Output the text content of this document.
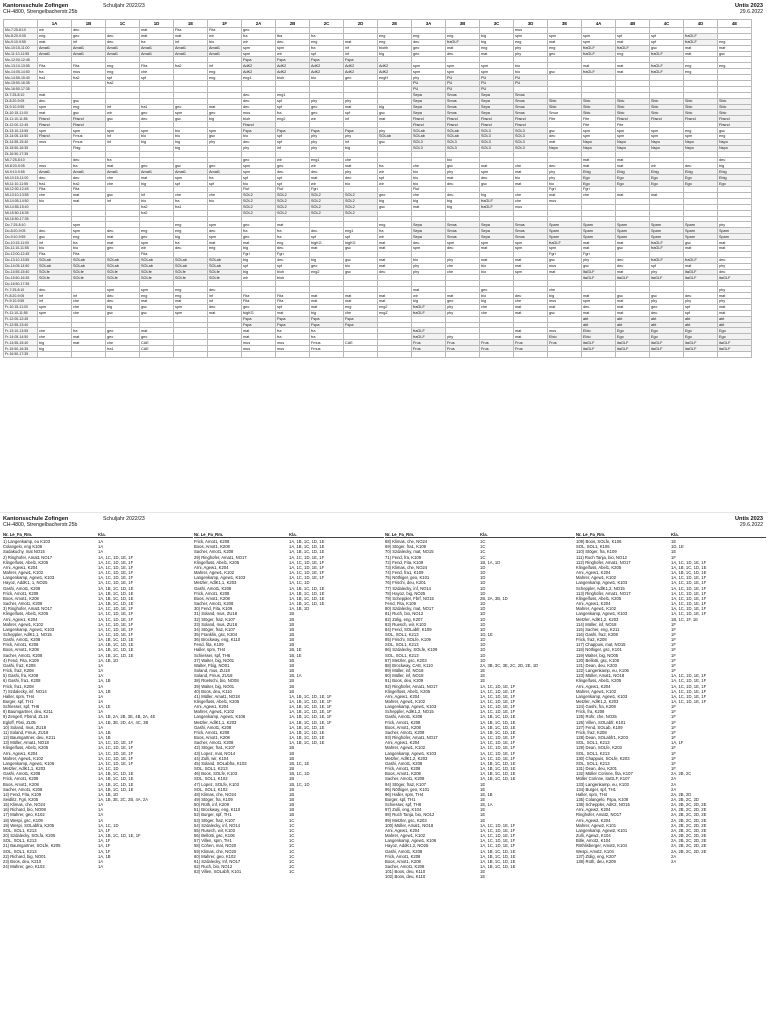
Kantonsschule Zofingen
CH-4800, Strengelbacherstr.25b
Schuljahr 2022/23	Untis 2023
29.6.2022
	1A	1B	1C	1D	1E	1F	2A	2B	2C	2D	2E	3A	3B	3C	3D	3E	4A	4B	4C	4D	4E
Mo-7:25-8:10	wir	deu		mat	Fita	Fita	geo								mus						
Mo-8:20-9:05	eng	geo	deu	mat	mat	wir	fra	tba	fra		eng	eng	eng	big	spm	spm	spm	spf	spf	fraGLF	
Mo-9:10-9:55	mat	inf	deu	fra	inf	bio	wir	deu	eng	mat	eng	deu	fraGLF	big	eng	mat	spm	mat	spf	fraGLF	eng
Mo-10:15-11:00	Amat1	Amat1	Amat1	Amat1	Amat1	Amat1	spm	spm	fra	inf	biohh	geo	mat	eng	phy	eng	fraGLF	fraGLF	gsc	mat	mat
Mo-11:10-11:55	Amat1	Amat1	Amat1	Amat1	Amat1	Amat1	spm	wir	spf	inf	big	geo	deu	mat	phy	geo	fraGLF	eng	fraGLF	mat	gsc
Mo-12:00-12:45							Fspa	Fspa	Fspa	Fspa											
Mo-13:10-13:55	Fita	Fita	eng	Fita	fra2	inf	AdK2	AdK2	AdK2	AdK2	AdK2	spm	spm	spm	bio		mat	mat	fraGLF	eng	eng
Mo-14:05-14:50	fra	mus	eng	che		eng	AdK2	AdK2	AdK2	AdK2	AdK2	spm	spm	spm	bio	gsc	fraGLF	mat	fraGLF	eng	
Mo-14:55-15:40	fra1	fra2	spf	spf		eng	eng1	bioh	bio	geo	engH	phy	PU	PU	PU						
Mo-15:50-16:35			fra2									PU	PU	PU	PU						
Mo-16:50-17:35												PU	PU	PU							
Di-7:25-8:10	mat						deu	eng1				Sepa	Smus	Sepa	Smus						
Di-8:20-9:05	deu	gsc					deu	spf	phy	phy		Sepa	Smus	Sepa	Smus	Sbic	Sbic	Sbic	Sbic	Sbic	Sbic
Di-9:10-9:55	spm	eng	inf	fra1	geo	mat	deu	spf	geo	mat	big	Sepa	Smus	Sepa	Smus	Sbic	Sbic	Sbic	Sbic	Sbic	Sbic
Di-10:15-11:00	mat	gsc	wir	geo	spm	geo	mus	fra	geo	spf	gsc	Sepa	Smus	Sepa	Smus	Smur	Sbic	Sbic	Sbic	Sbic	Sbic
Di-11:10-11:55	Fbsnd	Fbsnd	gsc	deu	gsc	big	bioh	eng2	wir	inf	mat	Fbsnd	Fbsnd	Fbsnd	Fbsnd	Fite	Fite	Fbsnd	Fbsnd	Fbsnd	Fbsnd
Di-12:00-12:45	Fbsnd	Fbsnd					Fbsnd					Fbsnd	Fbsnd	Fbsnd	Fbsnd		Fite	Fite			Fbsnd
Di-13:10-13:55	spm	spm	spm	spm	bio	spm	Fspa	Fspa	Fspa	Fspa	phy	SOLab	SOLab	SOL3	SOL3	gsc	spm	spm	spm	eng	gsc
Di-14:05-14:50	Fbsnd	Fmus	inf	bio	bio	gsc	bio	spf	phy	phy	SOLab	SOLab	SOLab	SOL3	SOL3	deu	spm	spm	spm	spm	eng
Di-14:55-15:40	mus	Fmus	inf	big	big	phy	deu	spf	phy	inf	gsc	SOL3	SOL3	SOL3	SOL3	mat	Nspo	Nspo	Nspo	Nspo	Nspo
Di-15:50-16:35		Fbig			big		phy	inf	phy	big		SOL3	SOL3	SOL3	SOL3	Nspo	Nspo	Nspo	Nspo	Nspo	Nspo
Di-16:50-17:35																					
Mi-7:25-8:10		deu	fra				geo	wir	eng1	che			bio				mat	mat			deu
Mi-8:20-9:05	mus	fra	mat	geo	gsc	geo	spm	geo	wir	mat	fra	che	gsc	mat	che	deu	mat	mat	wir	deu	big
Mi-9:10-9:55	Amat1	Amat1	Amat1	Amat1	Amat1	Amat1	spm	deu	deu	phy	wir	bio	phy	spm	mat	phy	Ebig	Ebig	Ebig	Ebig	Ebig
Mi-10:15-11:00	deu	deu	che	mat	spm	fra	spf	spf	mat	deu	spf	bio	mat	deu	bio	phy	Ego	Ego	Ego	Ego	Ebig
Mi-11:10-11:55	fra1	fra2	che	big	spf	spf	bio	spf	wir	bio	wir	bio	deu	gsc	mat	bio	Ego	Ego	Ego	Ego	Ego
Mi-12:00-12:45	Fita	Fita					Fiuf	Fiuf	Fgri			Fiuf				Fgri	Fgri				
Mi-13:10-13:55	che	mat	gsc	inf	che	che	SOL2	SOL2	SOL2	SOL2	geo	che	deu	big	che	mat	che	mat	mat		
Mi-14:05-14:50	bio	mat	inf	bio	fra	bio	SOL2	SOL2	SOL2	SOL2	big	big	big	fraGLF	che	mus					
Mi-14:55-15:40				fra2	fra1		SOL2	SOL2	SOL2	SOL2	gsc	mat	big	fraGLF	mus						
Mi-15:50-16:35				fra2			SOL2	SOL2	SOL2	SOL2											
Mi-16:50-17:35																					
Do-7:25-8:10		spm			eng	spm	geo	mat			eng	Sepa	Smus	Sepa	Smus	Spam	Spam	Spam	Spam	Spam	phy
Do-8:20-9:05	deu	spm	deu	eng	eng	deu	fra	fra	deu	eng1	fra	Sepa	Smus	Sepa	Smus	Spam	Spam	Spam	Spam	Spam	Spam
Do-9:10-9:55	gsc	eng	mat	geo	big	spm	geo	fra	spf	spf	wir	Sepa	Smus	Sepa	Smus	Spam	Spam	Spam	Spam	Spam	Spam
Do-10:15-11:00	inf	fra	mat	spm	fra	mat	mat	eng	bigKG	bigKG	mat	deu	spm	spm	spm	fraGLF	mat	mat	fraGLF	gsc	mat
Do-11:10-11:55	bio	bio	geo	wir	deu	eng	big	deu	mat	gsc	mat	spm	deu	mat	spm	spm	mat	gsc	fraGLF	mat	mat
Do-12:00-12:45	Fita	Fita		Fita			Fgri	Fgri								Fgri	Fgri				
Do-13:10-13:55	SOLab	SOLab	SOLab	SOLab	SOLab	SOLab	big	deu	big	gsc	mat	bio	phy	mat	mat	gsc	phy	deu	fraGLF	fraGLF	deu
Do-14:05-14:50	SOLab	SOLab	SOLab	SOLab	SOLab	SOLab	spf	spf	geo	bio	mat	phy	che	bio	mat	mus	gsc	deu	spf	mat	phy
Do-14:55-15:40	SOLfe	SOLfe	SOLfe	SOLfe	SOLfe	SOLfe	big	bioh	eng2	gsc	deu	phy	che	bio	spm	mat	itaGLF	mat	phy	itaGLF	deu
Do-15:50-16:35	SOLfe	SOLfe	SOLfe	SOLfe	SOLfe	SOLfe	wir	bioh									itaGLF	itaGLF	itaGLF	itaGLF	itaGLF
Do-16:50-17:35																					
Fr-7:25-8:10	deu		spm	spm	eng	deu						mat		geo		che					phy
Fr-8:20-9:05	inf	inf	deu	eng	eng	inf	Fita	Fita	mat	mat	mat	wir	mat	bio	deu	big	mat	gsc	gsc	deu	mat
Fr-9:10-9:55	inf	che	deu	mat	mat	inf	Fita	Fita	mat	mat	mat	big	geo	big	che	mus	spm	mat	phy	phy	phy
Fr-10:15-11:00	spm	che	big	gsc	spm	deu	geo	spf	mat	eng	eng2	fraGLF	phy	che	mat	mat	deu	mat	geo	spf	mat
Fr-11:10-11:55	spm	che	gsc	gsc	spm	mat	bigKG	mat	big	che	engZ	fraGLF	phy	che	mat	gsc	mat	mat	deu	spf	mat
Fr-12:00-12:45							Fspa	Fspa	Fspa	Fspa							abt	abt	abt	abt	abt
Fr-12:55-13:40							Fspa	Fspa	Fspa	Fspa							abt	abt	abt	abt	abt
Fr-13:10-13:55	che	fra	geo	mat			mat	fra	fra			fraGLF			mat	mus	Ebio	Ego	Ego	Ego	Ego
Fr-14:05-14:50	che	mat	geo	geo			mat	fra	fra			fraGLF	phy		mat	Ebio	Ebio	Ego	Ego	Ego	Ego
Fr-14:55-15:40	big	mat	che	CAE			mus	mus	Fmus	CAE		Frus	Frus	Frus	Frus	Frus	itaGLF	itaGLF	itaGLF	itaGLF	itaGLF
Fr-15:50-16:35	big		fra1	CAE			mus	mus	Fmus			Frus	Frus	Frus	Frus		itaGLF	itaGLF	itaGLF	itaGLF	itaGLF
Fr-16:50-17:35																					
Kantonsschule Zofingen
CH-4800, Strengelbacherstr.25b
Schuljahr 2022/23	Untis 2023
29.6.2022
Nr. Le_Fa_Rm.	Kla.
1) Langenkamp, eu K103	1A
Colangelo, eng K106	1A
Sadakuchy, mat NO15	1A
2) Ringhofer, Amat1 NO17	1A, 1C, 1D, 1E, 1F
Klingelfuss, Abel1, K205	1A, 1C, 1D, 1E, 1F
Arni, Agew1, K204	1A, 1C, 1D, 1E, 1F
Mahrer, Agew1, K102	1A, 1C, 1D, 1E, 1F
Langenkamp, Agew1, K103	1A, 1C, 1D, 1E, 1F
Hayoz, AddK1, 1, NO25	1A, 1C, 1D, 1E, 1F
Gashi, Amot1, K208	1A, 1B, 1C, 1D, 1E
Frick, Amot1, K208	1A, 1B, 1C, 1D, 1E
Boos, Amot1, K208	1A, 1B, 1C, 1D, 1E
Sacher, Amot1, K208	1A, 1B, 1C, 1D, 1E
3) Ringhofer, Amat1 NO17	1A, 1C, 1D, 1E, 1F
Klingelfuss, Abel1, K205	1A, 1C, 1D, 1E, 1F
Arni, Agew1, K204	1A, 1C, 1D, 1E, 1F
Mahrer, Agew1, K102	1A, 1C, 1D, 1E, 1F
Langenkamp, Agew1, K103	1A, 1C, 1D, 1E, 1F
Scheppler, AdlK1,1, NO15	1A, 1C, 1D, 1E, 1F
Gashi, Amot1, K208	1A, 1B, 1C, 1D, 1E
Frick, Amot1, K208	1A, 1B, 1C, 1D, 1E
Boos, Amot1, K208	1A, 1B, 1C, 1D, 1E
Sacher, Amot1, K208	1A, 1B, 1C, 1D, 1E
4) Fend, Fita, K109	1A, 1B, 1D
Gashi, fra2, K208	1A
Frick, fra2, K208	1A
5) Gashi, fra, K208	1A
6) Gashi, fra1, K208	1A, 1B
Frick, fra1, K208	1A
7) Szdalecky, inf, NO14	1A, 1B
Haller, spm, TH4	1A
Burger, spf, TH1	1A
Schlesser, spf, TH6	1A, 1E
8) Baumgartner, deu, K211	1A
9) Zengerl, Fbsnd, ZL16	1A, 1B, 2A, 2B, 3E, 4B, 2A, 4E
Egloff, Fbsi, ZL05	1A, 1B, 3E, 2D, 4A, 4C, 3B
10) Soland, mus, ZU18	1A
11) Soland, Fmus, ZU18	1A, 1B
12) Baumgartner, deu, K211	1A, 1B
13) Müller, Amat1, NO18	1A, 1C, 1D, 1E, 1F
Klingelfuss, Abel1, K205	1A, 1C, 1D, 1E, 1F
Arni, Agew1, K204	1A, 1C, 1D, 1E, 1F
Mahrer, Agew1, K102	1A, 1C, 1D, 1E, 1F
Langenkamp, Agew1, K106	1A, 1C, 1D, 1E, 1F
Metzler, AdlK1,1, K203	1A, 1C, 1D
Gashi, Amot1, K208	1A, 1B, 1C, 1D, 1E
Frick, Amot1, K208	1A, 1B, 1C, 1D, 1E
Boos, Amot1, K208	1A, 1B, 1C, 1D, 1E
Sacher, Amot1, K208	1A, 1B, 1C, 1D, 1E
14) Fend, Fita, K109	1A, 1B, 1D
Seidlitz, Fgri, K205	1A, 1B, 3E, 2C, 2B, 4A, 2A
15) Klimas, che, NO24	1A
16) Richard, bio, NO08	1A
17) Mahrer, geo, K102	1A
18) Wespi, gsc, K109	1A
19) Wespi, SOLabfra, K205	1A, 1C, 1D
SOL, SOL1, K213	1A, 1F
20) Szdalecky, SOLfa, K205	1A, 1B, 1C, 1D, 1E, 1F
SOL, SOL1, K213	1A, 1F
21) Baumgartner, SOLfe, K205	1A, 1F
SOL, SOL1, K213	1A, 1F
22) Richard, big, NO01	1A, 1B
23) Boos, deu, K210	1A
24) Mahrer, geo, K102	1A
Nr. Le_Fa_Rm.	Kla.
Frick, Amot1, K208	1A, 1B, 1C, 1D, 1E
Boos, Amot1, K208	1A, 1B, 1C, 1D, 1E
Sacher, Amot1, K208	1A, 1B, 1C, 1D, 1E
29) Ringhofer, Amat1, NO17	1A, 1C, 1D, 1E, 1F
Klingelfuss, Abel1, K205	1A, 1C, 1D, 1E, 1F
Arni, Agew1, K204	1A, 1C, 1D, 1E, 1F
Mahrer, Agew1, K102	1A, 1C, 1D, 1E, 1F
Langenkamp, Agew1, K103	1A, 1C, 1D, 1E, 1F
Metzler, AdlK1,1, K203	1A, 1C, 1D
Gashi, Amot1, K208	1A, 1B, 1C, 1D, 1E
Frick, Amot1, K208	1A, 1B, 1C, 1D, 1E
Boos, Amot1, K208	1A, 1B, 1C, 1D, 1E
Sacher, Amot1, K208	1A, 1B, 1C, 1D, 1E
30) Fend, Fita, K109	1A, 1B, 1D
31) Soland, mus, ZU18	1B
32) Stöger, fra2, K107	1B
33) Soland, mus, ZU18	1B
34) Stöger, fra2, K107	1B
35) Franklin, gsc, K204	1B
36) Brockway, eng, K110	1B
Fend, fita, K109	1B
Haller, spm, TH4	1B, 1E
Schiesser, spf, TH6	1B, 1E
37) Walter, big, NO01	1B
Walter, Fbig, NO01	1B
Soland, mus, ZU18	1B
Soland, Fmus, ZU18	1B, 1A
38) Rüetschi, bio, NO08	1B
39) Walter, big, NO01	1B
40) Boos, deu, K110	1B
41) Müller, Amat1, NO18	1A, 1B, 1C, 1D, 1E, 1F
Klingelfuss, Abel1, K205	1A, 1B, 1C, 1D, 1E, 1F
Arni, Agew1, K204	1A, 1B, 1C, 1D, 1E, 1F
Mahrer, Agew1, K102	1A, 1B, 1C, 1D, 1E, 1F
Langenkamp, Agew1, K106	1A, 1B, 1C, 1D, 1E, 1F
Metzler, AdlK1,1, K203	1A, 1B, 1C, 1D, 1E, 1F
Gashi, Amot1, K208	1A, 1B, 1C, 1D, 1E
Frick, Amot1, K208	1A, 1B, 1C, 1D, 1E
Boos, Amot1, K208	1A, 1B, 1C, 1D, 1E
Sacher, Amot1, K208	1A, 1B, 1C, 1D, 1E
42) Stöger, fra1, K107	1B
43) Lopez, mat, NO14	1B
44) Zulli, wir, K104	1B
45) Soland, SOLabfra, K103	1B, 1C, 1E
SOL, SOL1, K213	1B
46) Boos, SOLfe, K103	1B, 1C, 1D
SOL, SOL1, K102	1B
47) Lopez, SOLfe, K103	1B, 1C, 1D
SOL, SOL1, K102	1B
48) Klimas, che, NO24	1B
49) Stöger, fra, K109	1B
50) Rüth, inf, K209	1B
51) Brockway, eng, K110	1B
52) Burger, spf, TH1	1B
53) Stöger, fra2, K107	1C
54) Szdalecky, inf, NO14	1C
55) Rusech, wir, K103	1C
56) Bellotti, gsc, K106	1C
57) Villen, spm, TH1	1C
58) Cohen, mat, NO20	1C
59) Klimas, che, NO20	1C
60) Mahrer, geo, K102	1C
61) Szdalecky, Inf, NO17	1C
62) Ruch, bio, NO12	1C
63) Villen, SOLabfr, K101	1C
Nr. Le_Fa_Rm.	Kla.
68) Klimas, che, NO24	1C
69) Stöger, fra1, K109	1C
70) Szdalecky, mat, NO15	1C
71) Fend, fra, K109	1C
72) Fend, Fita, K109	1B, 1A, 1D
73) Klimas, che, NO24	1D
74) Fend, fra1, K109	1D
75) Nöthiger, geo, K101	1D
76) Frischi, deu, K201	1D
77) Szdalecky, inf, NO14	1D
78) Hayoz, big, NO25	1D
79) Scheppler, Fbrf, NO15	2B, 2A, 3B, 1D
Fend, Fita, K109	1D
80) Szdalecky, mat, NO17	1D
81) Ruch, bio, NO12	1D
82) Zülig, eng, K207	1D
83) Ruesch, wir, K103	1D
84) Fend, SOLabfr, K109	1D
SOL, SOL1, K213	1D, 1E
85) Frischi, SOLfe, K109	1D
SOL, SOL1, K213	1D
86) Szdalecky, SOLfe, K109	1D
SOL, SOL1, K213	1D
87) Metzler, gsc, K203	1D
88) Brockway, CAE, K110	2A, 3B, 3C, 3E, 2C, 2D, 2E, 1D
89) Müller, inf, NO18	1E
90) Müller, inf, NO18	1E
91) Boos, deu, K209	1E
92) Ringhofer, Amat1, NO17	1A, 1C, 1D, 1E, 1F
Klingelfuss, Abel1, K205	1A, 1C, 1D, 1E, 1F
Arni, Agew1, K204	1A, 1C, 1D, 1E, 1F
Mahrer, Agew1, K102	1A, 1C, 1D, 1E, 1F
Langenkamp, Agew1, K103	1A, 1C, 1D, 1E, 1F
Scheppler, AdlK1,2, NO15	1A, 1C, 1D, 1E, 1F
Gashi, Amot1, K208	1A, 1B, 1C, 1D, 1E
Frick, Amot1, K208	1A, 1B, 1C, 1D, 1E
Boos, Amot1, K208	1A, 1B, 1C, 1D, 1E
Sacher, Amot1, K208	1A, 1B, 1C, 1D, 1E
93) Ringhofer, Amat1, NO17	1A, 1C, 1D, 1E, 1F
Arni, Agew1, K204	1A, 1C, 1D, 1E, 1F
Mahrer, Agew1, K102	1A, 1C, 1D, 1E, 1F
Langenkamp, Agew1, K103	1A, 1C, 1D, 1E, 1F
Metzler, AdlK1,2, K203	1A, 1C, 1D, 1E, 1F
Gashi, Amot1, K208	1A, 1B, 1C, 1D, 1E
Frick, Amot1, K208	1A, 1B, 1C, 1D, 1E
Boos, Amot1, K208	1A, 1B, 1C, 1D, 1E
Sacher, Amot1, K208	1A, 1B, 1C, 1D, 1E
94) Stöger, fra2, K107	1E
95) Nöthiger, geo, K101	1E
96) Haller, spm, TH4	1E, 1B
Burger, spf, TH1	1E
Schiesser, spf, TH6	1E, 1A
97) Zulli, eng, K104	1E
98) Ruch Tanja, bio, NO12	1E
99) Metzler, gsc, K203	1E
100) Müller, Amat1, NO18	1A, 1C, 1D, 1E, 1F
Arni, Agew1, K204	1A, 1C, 1D, 1E, 1F
Mahrer, Agew1, K102	1A, 1C, 1D, 1E, 1F
Langenkamp, Agew1, K106	1A, 1C, 1D, 1E, 1F
Hayoz, AddK1,2, NO25	1A, 1C, 1D, 1E, 1F
Gashi, Amot1, K208	1A, 1B, 1C, 1D, 1E
Frick, Amot1, K208	1A, 1B, 1C, 1D, 1E
Boos, Amot1, K208	1A, 1B, 1C, 1D, 1E
Sacher, Amot1, K208	1A, 1B, 1C, 1D, 1E
101) Boos, deu, K110	1E
102) Boos, deu, K110	1E
Nr. Le_Fa_Rm.	Kla.
109) Boos, SOLfe, K106	1E
SOL, SOL1, K106	1D, 1E
110) Stöger, fra, K109	1E
111) Ruch Tanja, bio, NO12	1F
112) Ringhofer, Amat1, NO17	1A, 1C, 1D, 1E, 1F
Klingelfuss, Abel1, K205	1A, 1B, 1C, 1D, 1E
Arni, Agew1, K204	1A, 1B, 1C, 1D, 1E
Mahrer, Agew1, K102	1A, 1C, 1D, 1E, 1F
Langenkamp, Agew1, K103	1A, 1C, 1D, 1E, 1F
Scheppler, AdlK1,2, NO15	1A, 1C, 1D, 1E, 1F
113) Ringhofer, Amat1, NO17	1A, 1C, 1D, 1E, 1F
Klingelfuss, Abel1, K205	1A, 1C, 1D, 1E, 1F
Arni, Agew1, K204	1A, 1C, 1D, 1E, 1F
Mahrer, Agew1, K102	1A, 1C, 1D, 1E, 1F
Langenkamp, Agew1, K103	1A, 1C, 1D, 1E, 1F
Metzler, AdlK1,2, K203	1B, 1C, 1F, 1E
114) Müller, inf, NO18	1F
115) Sacher, eng, K211	1F
116) Gashi, fra2, K208	1F
Frick, fra2, K208	1F
117) Chappuis, mat, NO15	1F
118) Nöthiger, gsc, K101	1F
119) Walter, big, NO05	1F
120) Bellotti, gsc, K106	1F
121) Dean, deu, K203	1F
122) Langenkamp, eu, K106	1F
123) Müller, Amat1, NO18	1A, 1C, 1D, 1E, 1F
Klingelfuss, Abel1, K205	1A, 1C, 1D, 1E, 1F
Arni, Agew1, K204	1A, 1C, 1D, 1E, 1F
Mahrer, Agew1, K102	1A, 1C, 1D, 1E, 1F
Langenkamp, Agew1, K103	1A, 1C, 1D, 1E, 1F
Metzler, AdlK1,2, K203	1A, 1C, 1D, 1E, 1F
124) Gashi, fra, K208	1F
Frick, fra, K208	1F
125) Rohr, che, NO25	1F
126) Villen, SOLabfr, K101	1F
127) Fend, SOLab, K109	1F
Frick, fra2, K208	1F
128) Dean, SOLabfr1, K203	1F
SOL, SOL1, K213	1A, 1F
129) Dean, SOLfe, K203	1F
SOL, SOL1, K213	1F
130) Chappuis, SOLfe, K203	1F
SOL, SOL1, K213	1F
131) Dean, deu, K201	1F
132) Müller Corinne, fita, K107	2A, 2B, 2C
Müller Corinne, itaGLF, K107	2A
133) Langenkamp, eu, K103	2A
134) Burger, spf, TH1	2A
Haller, spm, TH4	2A, 2B, 2D
135) Colangelo, Fspa, K108	2A, 2B, 2C, 2D
136) Scheppler, AdK2, NO15	2A, 2B, 2C, 2D, 2E
Arni, Agew2, K204	2A, 2B, 2C, 2D, 2E
Ringhofer, Amat2, NO17	2A, 2B, 2C, 2D, 2E
Arni, Agew2, K204	2A, 2B, 2C, 2D, 2E
Mahrer, Agew2, K101	2A, 2B, 2C, 2D, 2E
Langenkamp, Agew2, K101	2A, 2B, 2C, 2D, 2E
Zulli, Agew2, K104	2A, 2B, 2C, 2D, 2E
Bitle, Amot2, K104	2A, 2B, 2C, 2D, 2E
Röthlisberger, Amot2, K104	2A, 2B, 2C, 2D, 2E
Wespi, Amot2, K104	2A, 2B, 2C, 2D, 2E
137) Zülig, eng, K207	2A
138) Roth, deu, K209	2A
